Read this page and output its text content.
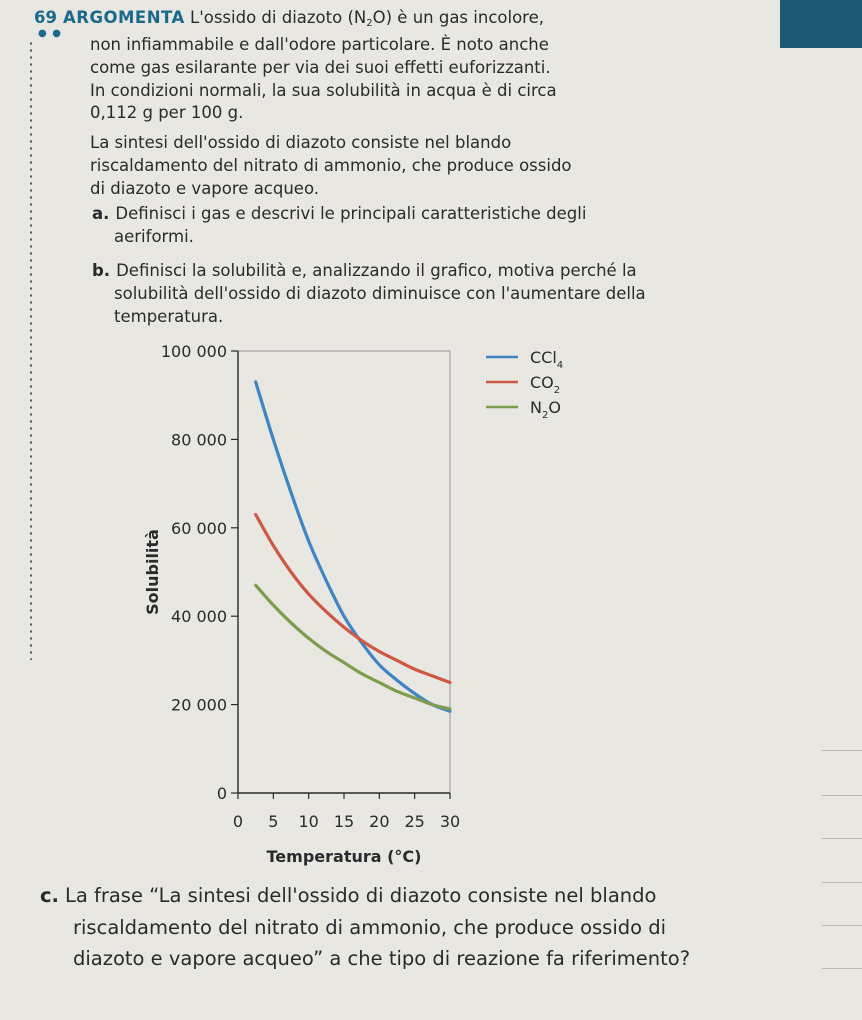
69 ARGOMENTA L'ossido di diazoto $(N_2O)$ è un gas incolore,
● ●
non infiammabile e dall'odore particolare. È noto anche
come gas esilarante per via dei suoi effetti euforizzanti.
In condizioni normali, la sua solubilità in acqua è di circa
0,112 g per 100 g.
La sintesi dell'ossido di diazoto consiste nel blando
riscaldamento del nitrato di ammonio, che produce ossido
di diazoto e vapore acqueo.
a. Definisci i gas e descrivi le principali caratteristiche degli aeriformi.
b. Definisci la solubilità e, analizzando il grafico, motiva perché la solubilità dell'ossido di diazoto diminuisce con l'aumentare della temperatura.
0
20 000
40 000
60 000
80 000
100 000
0 5 10 15 20 25 30
Temperatura (°C)
Solubilità
CCl$_4$
$CO_2$
$N_2O$
c. La frase “La sintesi dell'ossido di diazoto consiste nel blando riscaldamento del nitrato di ammonio, che produce ossido di diazoto e vapore acqueo” a che tipo di reazione fa riferimento?
